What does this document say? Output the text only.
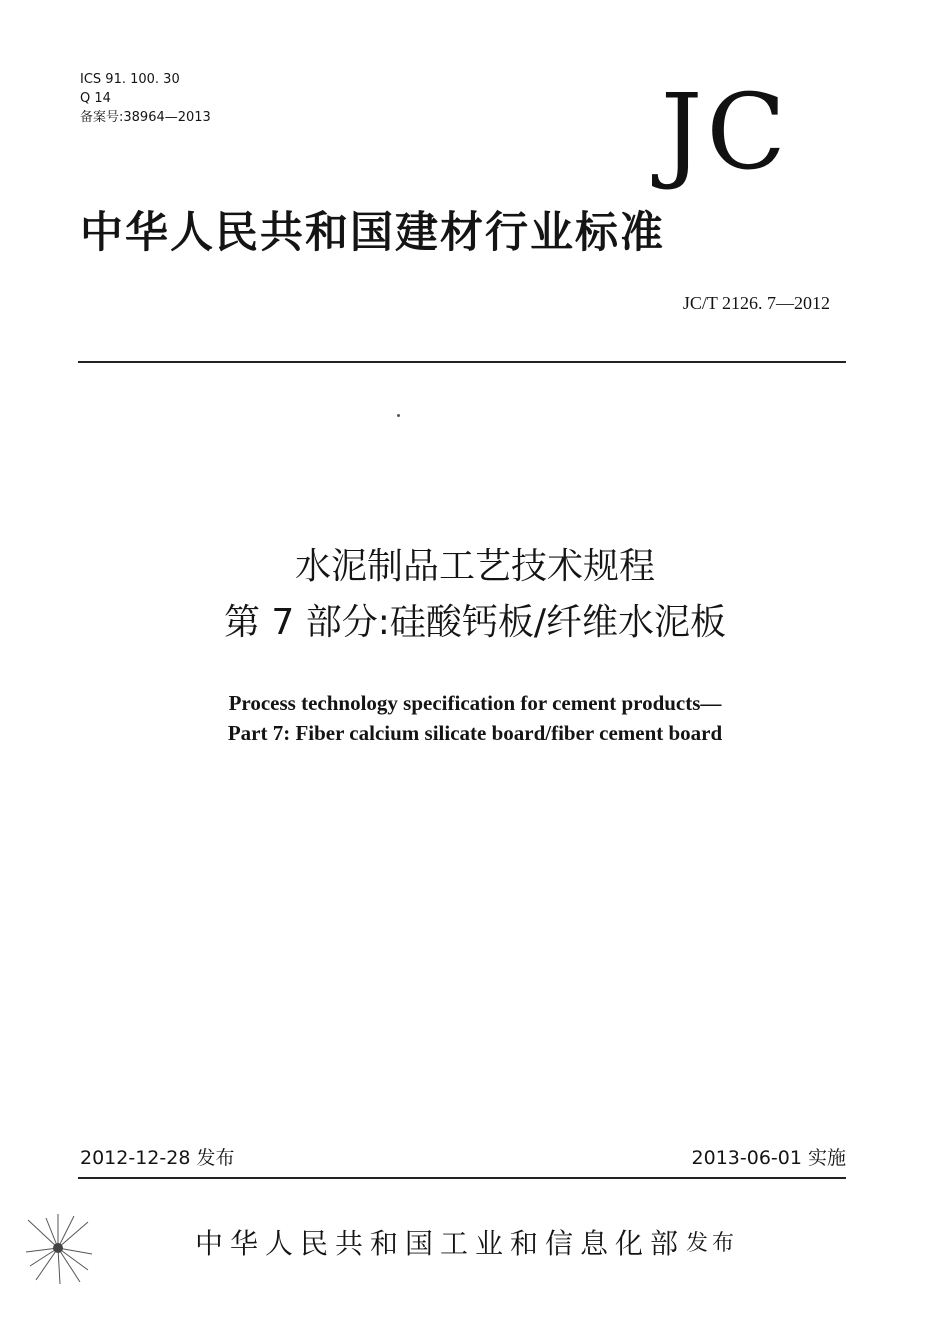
ICS 91. 100. 30
Q 14
备案号:38964—2013	JC
中华人民共和国建材行业标准
JC/T 2126. 7—2012
水泥制品工艺技术规程
第 7 部分:硅酸钙板/纤维水泥板
Process technology specification for cement products—
Part 7: Fiber calcium silicate board/fiber cement board
2012-12-28 发布	2013-06-01 实施
中华人民共和国工业和信息化部 发布
